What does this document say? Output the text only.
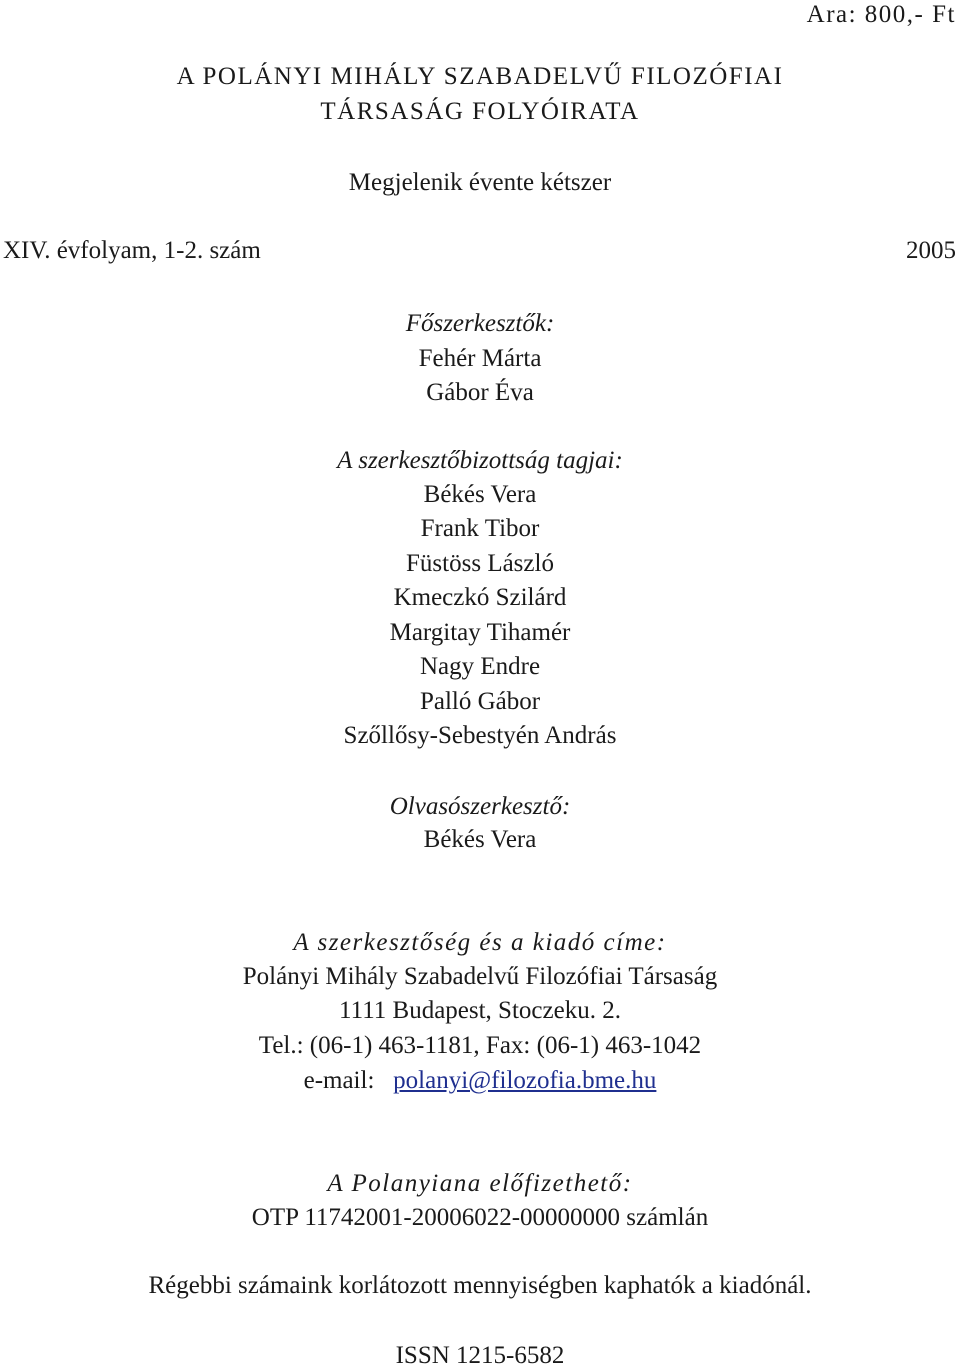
Ara: 800,- Ft
A POLÁNYI MIHÁLY SZABADELVŰ FILOZÓFIAI
TÁRSASÁG FOLYÓIRATA
Megjelenik évente kétszer
XIV. évfolyam, 1-2. szám	2005
Főszerkesztők:
Fehér Márta
Gábor Éva
A szerkesztőbizottság tagjai:
Békés Vera
Frank Tibor
Füstöss László
Kmeczkó Szilárd
Margitay Tihamér
Nagy Endre
Palló Gábor
Szőllősy-Sebestyén András
Olvasószerkesztő:
Békés Vera
A szerkesztőség és a kiadó címe:
Polányi Mihály Szabadelvű Filozófiai Társaság
1111 Budapest, Stoczeku. 2.
Tel.: (06-1) 463-1181, Fax: (06-1) 463-1042
e-mail: polanyi@filozofia.bme.hu
A Polanyiana előfizethető:
OTP 11742001-20006022-00000000 számlán
Régebbi számaink korlátozott mennyiségben kaphatók a kiadónál.
ISSN 1215-6582
